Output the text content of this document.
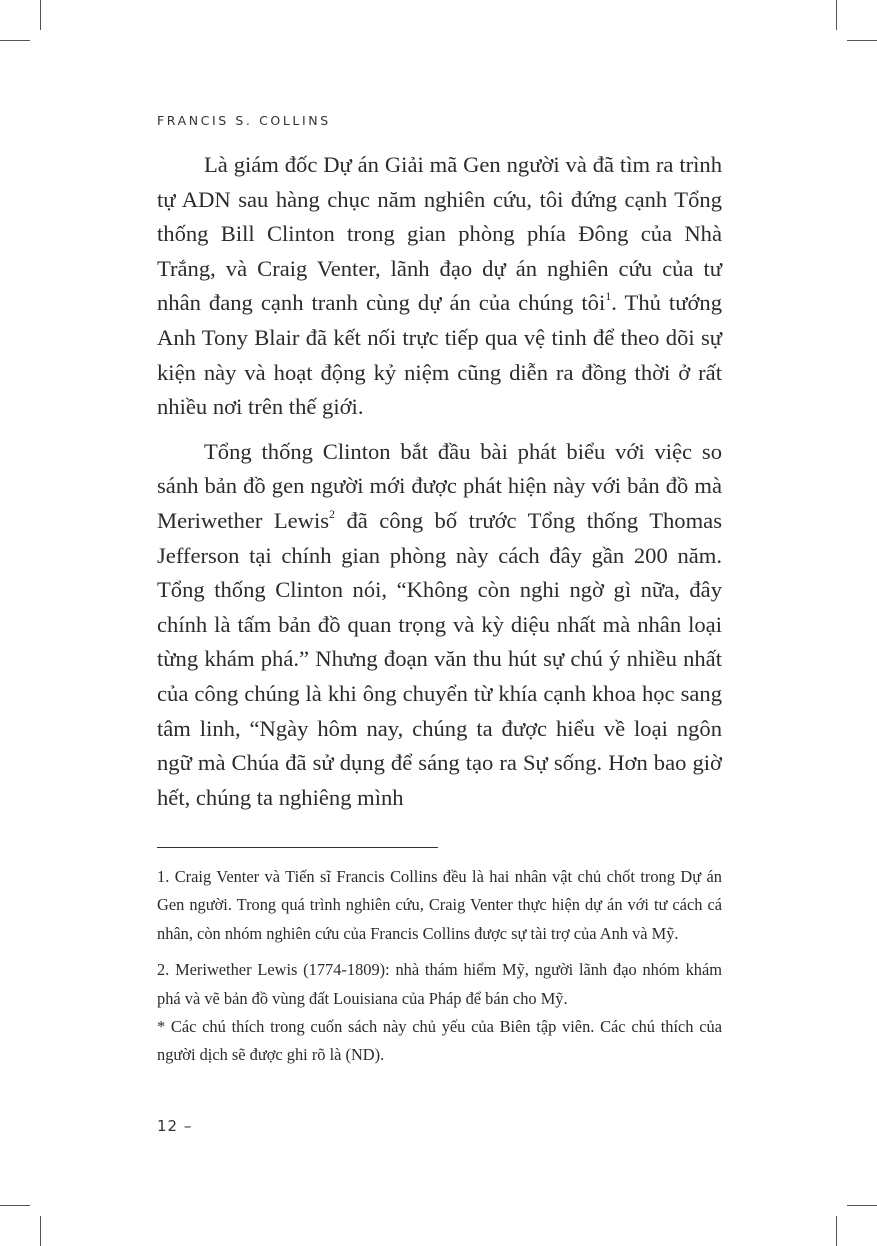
FRANCIS S. COLLINS

Là giám đốc Dự án Giải mã Gen người và đã tìm ra trình tự ADN sau hàng chục năm nghiên cứu, tôi đứng cạnh Tổng thống Bill Clinton trong gian phòng phía Đông của Nhà Trắng, và Craig Venter, lãnh đạo dự án nghiên cứu của tư nhân đang cạnh tranh cùng dự án của chúng tôi$^1$. Thủ tướng Anh Tony Blair đã kết nối trực tiếp qua vệ tinh để theo dõi sự kiện này và hoạt động kỷ niệm cũng diễn ra đồng thời ở rất nhiều nơi trên thế giới.

Tổng thống Clinton bắt đầu bài phát biểu với việc so sánh bản đồ gen người mới được phát hiện này với bản đồ mà Meriwether Lewis$^2$ đã công bố trước Tổng thống Thomas Jefferson tại chính gian phòng này cách đây gần 200 năm. Tổng thống Clinton nói, “Không còn nghi ngờ gì nữa, đây chính là tấm bản đồ quan trọng và kỳ diệu nhất mà nhân loại từng khám phá.” Nhưng đoạn văn thu hút sự chú ý nhiều nhất của công chúng là khi ông chuyển từ khía cạnh khoa học sang tâm linh, “Ngày hôm nay, chúng ta được hiểu về loại ngôn ngữ mà Chúa đã sử dụng để sáng tạo ra Sự sống. Hơn bao giờ hết, chúng ta nghiêng mình

1. Craig Venter và Tiến sĩ Francis Collins đều là hai nhân vật chủ chốt trong Dự án Gen người. Trong quá trình nghiên cứu, Craig Venter thực hiện dự án với tư cách cá nhân, còn nhóm nghiên cứu của Francis Collins được sự tài trợ của Anh và Mỹ.

2. Meriwether Lewis (1774-1809): nhà thám hiểm Mỹ, người lãnh đạo nhóm khám phá và vẽ bản đồ vùng đất Louisiana của Pháp để bán cho Mỹ.

* Các chú thích trong cuốn sách này chủ yếu của Biên tập viên. Các chú thích của người dịch sẽ được ghi rõ là (ND).

12 –
